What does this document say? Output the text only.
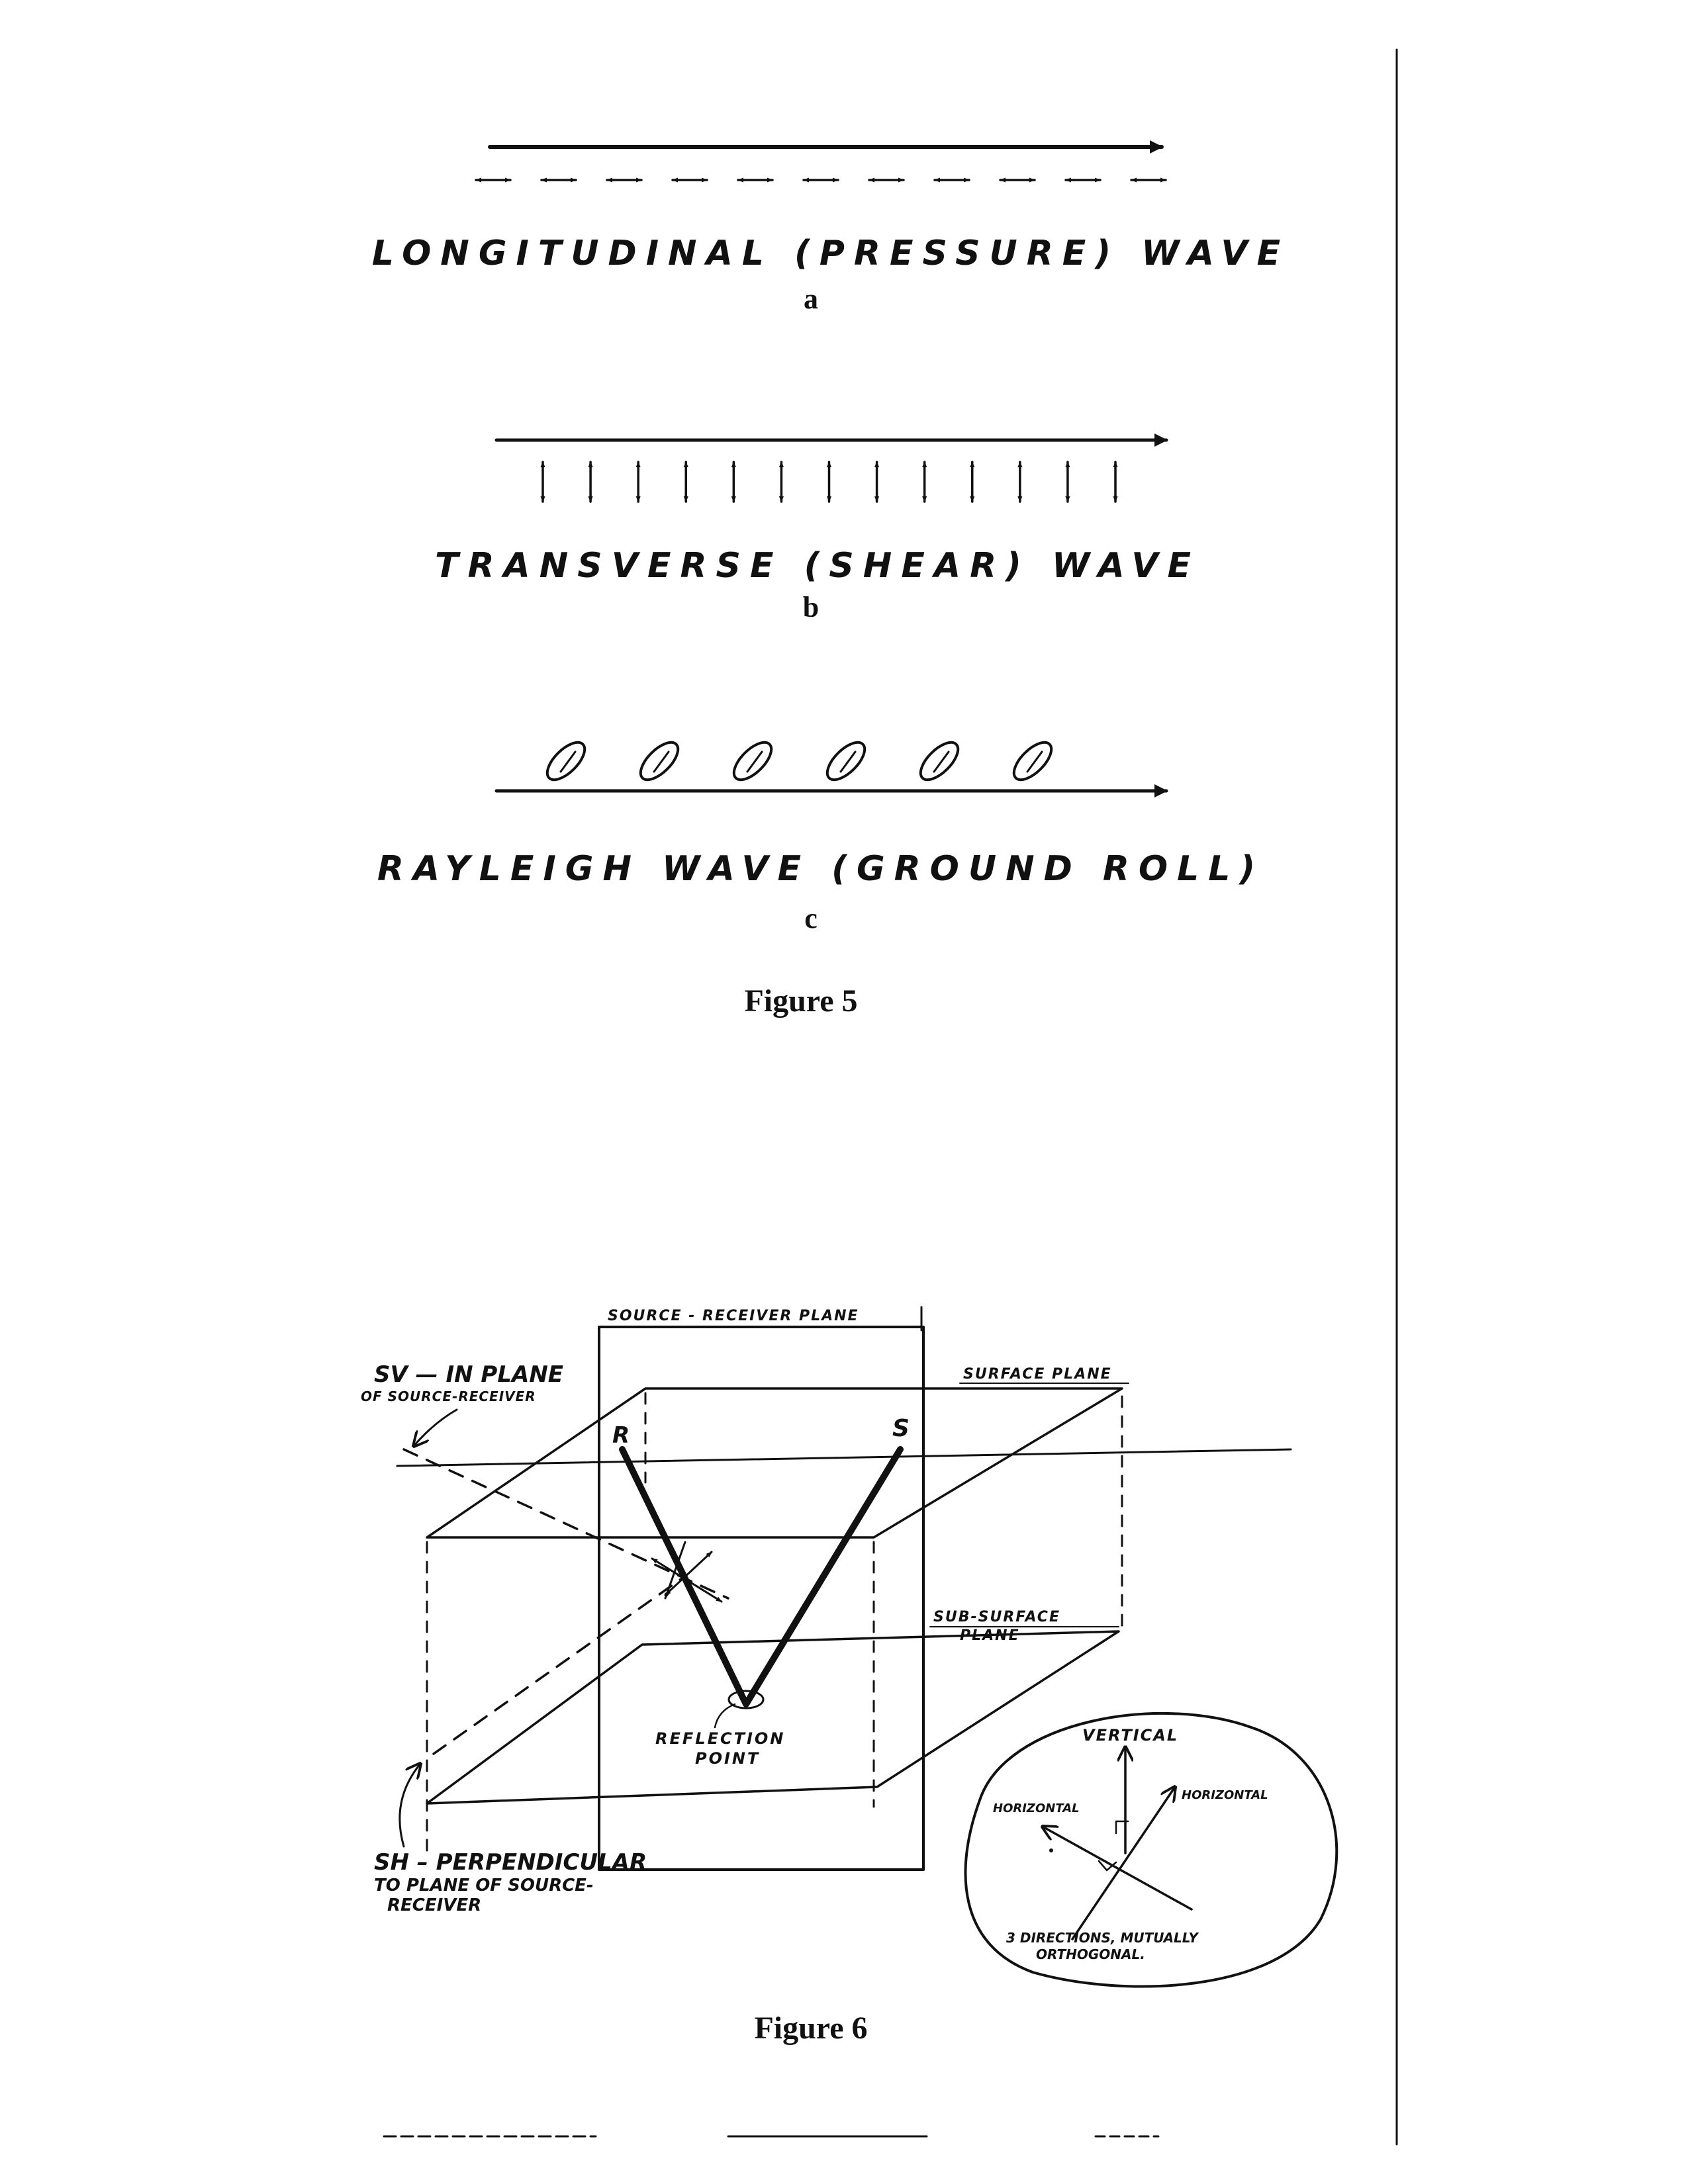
LONGITUDINAL (PRESSURE) WAVE
a
TRANSVERSE (SHEAR) WAVE
b
RAYLEIGH WAVE (GROUND ROLL)
c
Figure 5
SOURCE - RECEIVER PLANE
SURFACE PLANE
SUB-SURFACE
PLANE
R	S
REFLECTION
POINT
SV — IN PLANE
OF SOURCE-RECEIVER
SH – PERPENDICULAR
TO PLANE OF SOURCE-
RECEIVER
VERTICAL
HORIZONTAL
HORIZONTAL
3 DIRECTIONS, MUTUALLY
ORTHOGONAL.
Figure 6
